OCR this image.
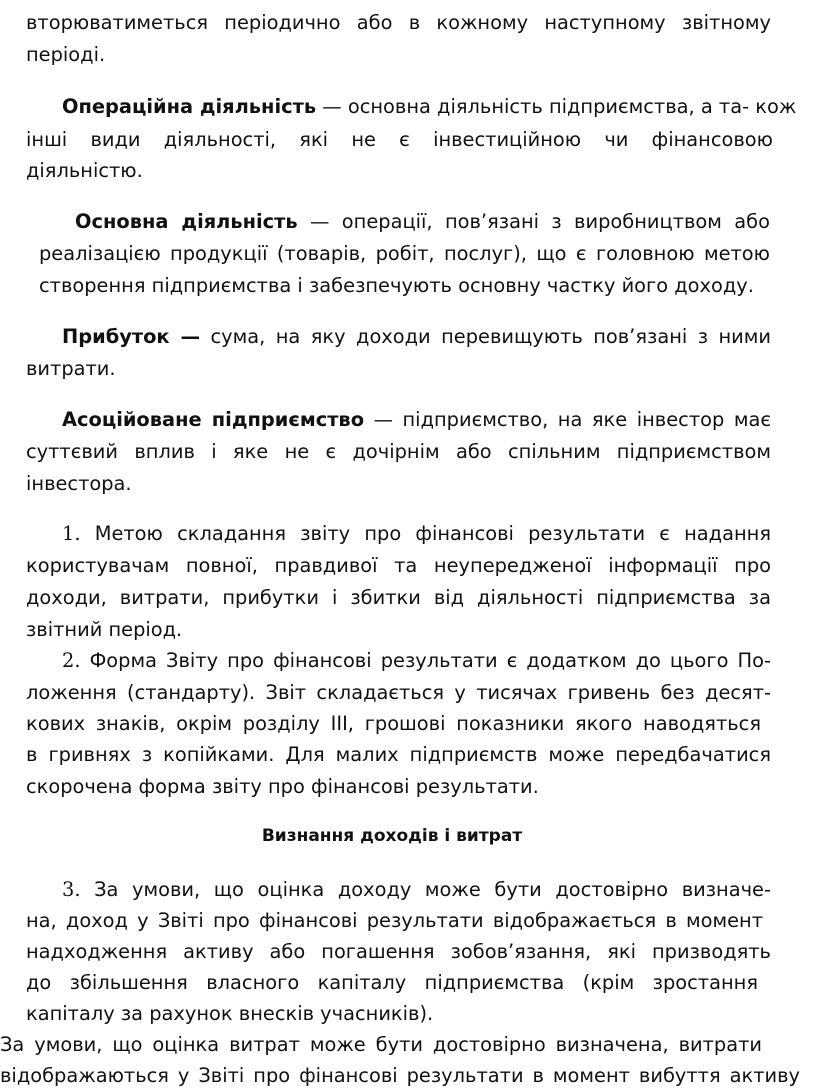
вторюватиметься періодично або в кожному наступному звітному
періоді.
Операційна діяльність — основна діяльність підприємства, а та- кож
інші види діяльності, які не є інвестиційною чи фінансовою
діяльністю.
Основна діяльність — операції, пов’язані з виробництвом або
реалізацією продукції (товарів, робіт, послуг), що є головною метою
створення підприємства і забезпечують основну частку його доходу.
Прибуток — сума, на яку доходи перевищують пов’язані з ними
витрати.
Асоційоване підприємство — підприємство, на яке інвестор має
суттєвий вплив і яке не є дочірнім або спільним підприємством
інвестора.
1. Метою складання звіту про фінансові результати є надання
користувачам повної, правдивої та неупередженої інформації про
доходи, витрати, прибутки і збитки від діяльності підприємства за
звітний період.
2. Форма Звіту про фінансові результати є додатком до цього По-
ложення (стандарту). Звіт складається у тисячах гривень без десят-
кових знаків, окрім розділу ІІІ, грошові показники якого наводяться
в гривнях з копійками. Для малих підприємств може передбачатися
скорочена форма звіту про фінансові результати.
Визнання доходів і витрат
3. За умови, що оцінка доходу може бути достовірно визначе-
на, доход у Звіті про фінансові результати відображається в момент
надходження активу або погашення зобов’язання, які призводять
до збільшення власного капіталу підприємства (крім зростання
капіталу за рахунок внесків учасників).
За умови, що оцінка витрат може бути достовірно визначена, витрати
відображаються у Звіті про фінансові результати в момент вибуття активу
